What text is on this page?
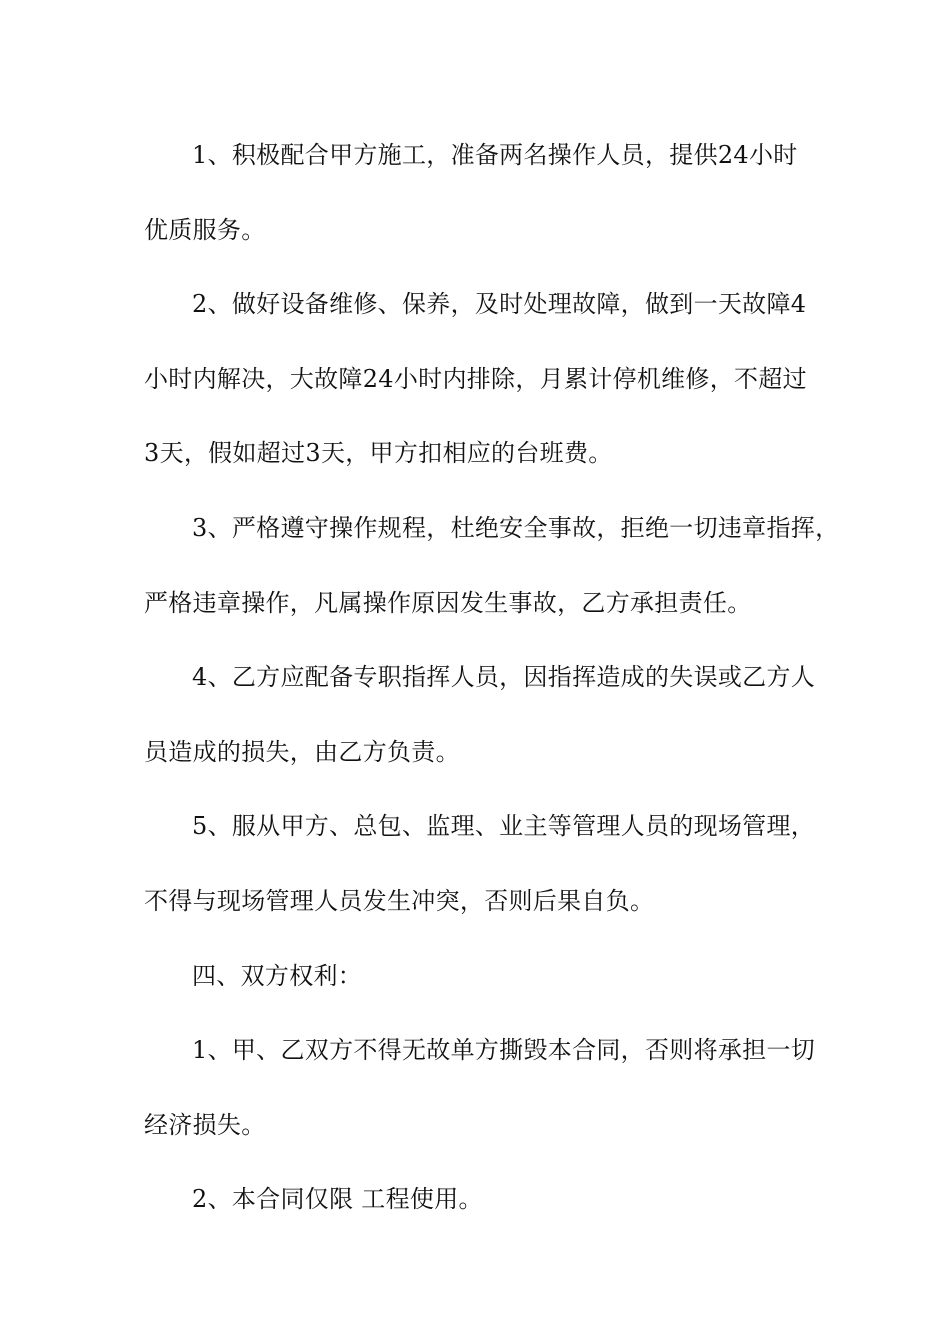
1、积极配合甲方施工，准备两名操作人员，提供24小时
优质服务。
2、做好设备维修、保养，及时处理故障，做到一天故障4
小时内解决，大故障24小时内排除，月累计停机维修，不超过
3天，假如超过3天，甲方扣相应的台班费。
3、严格遵守操作规程，杜绝安全事故，拒绝一切违章指挥，
严格违章操作，凡属操作原因发生事故，乙方承担责任。
4、乙方应配备专职指挥人员，因指挥造成的失误或乙方人
员造成的损失，由乙方负责。
5、服从甲方、总包、监理、业主等管理人员的现场管理，
不得与现场管理人员发生冲突，否则后果自负。
四、双方权利：
1、甲、乙双方不得无故单方撕毁本合同，否则将承担一切
经济损失。
2、本合同仅限 工程使用。
